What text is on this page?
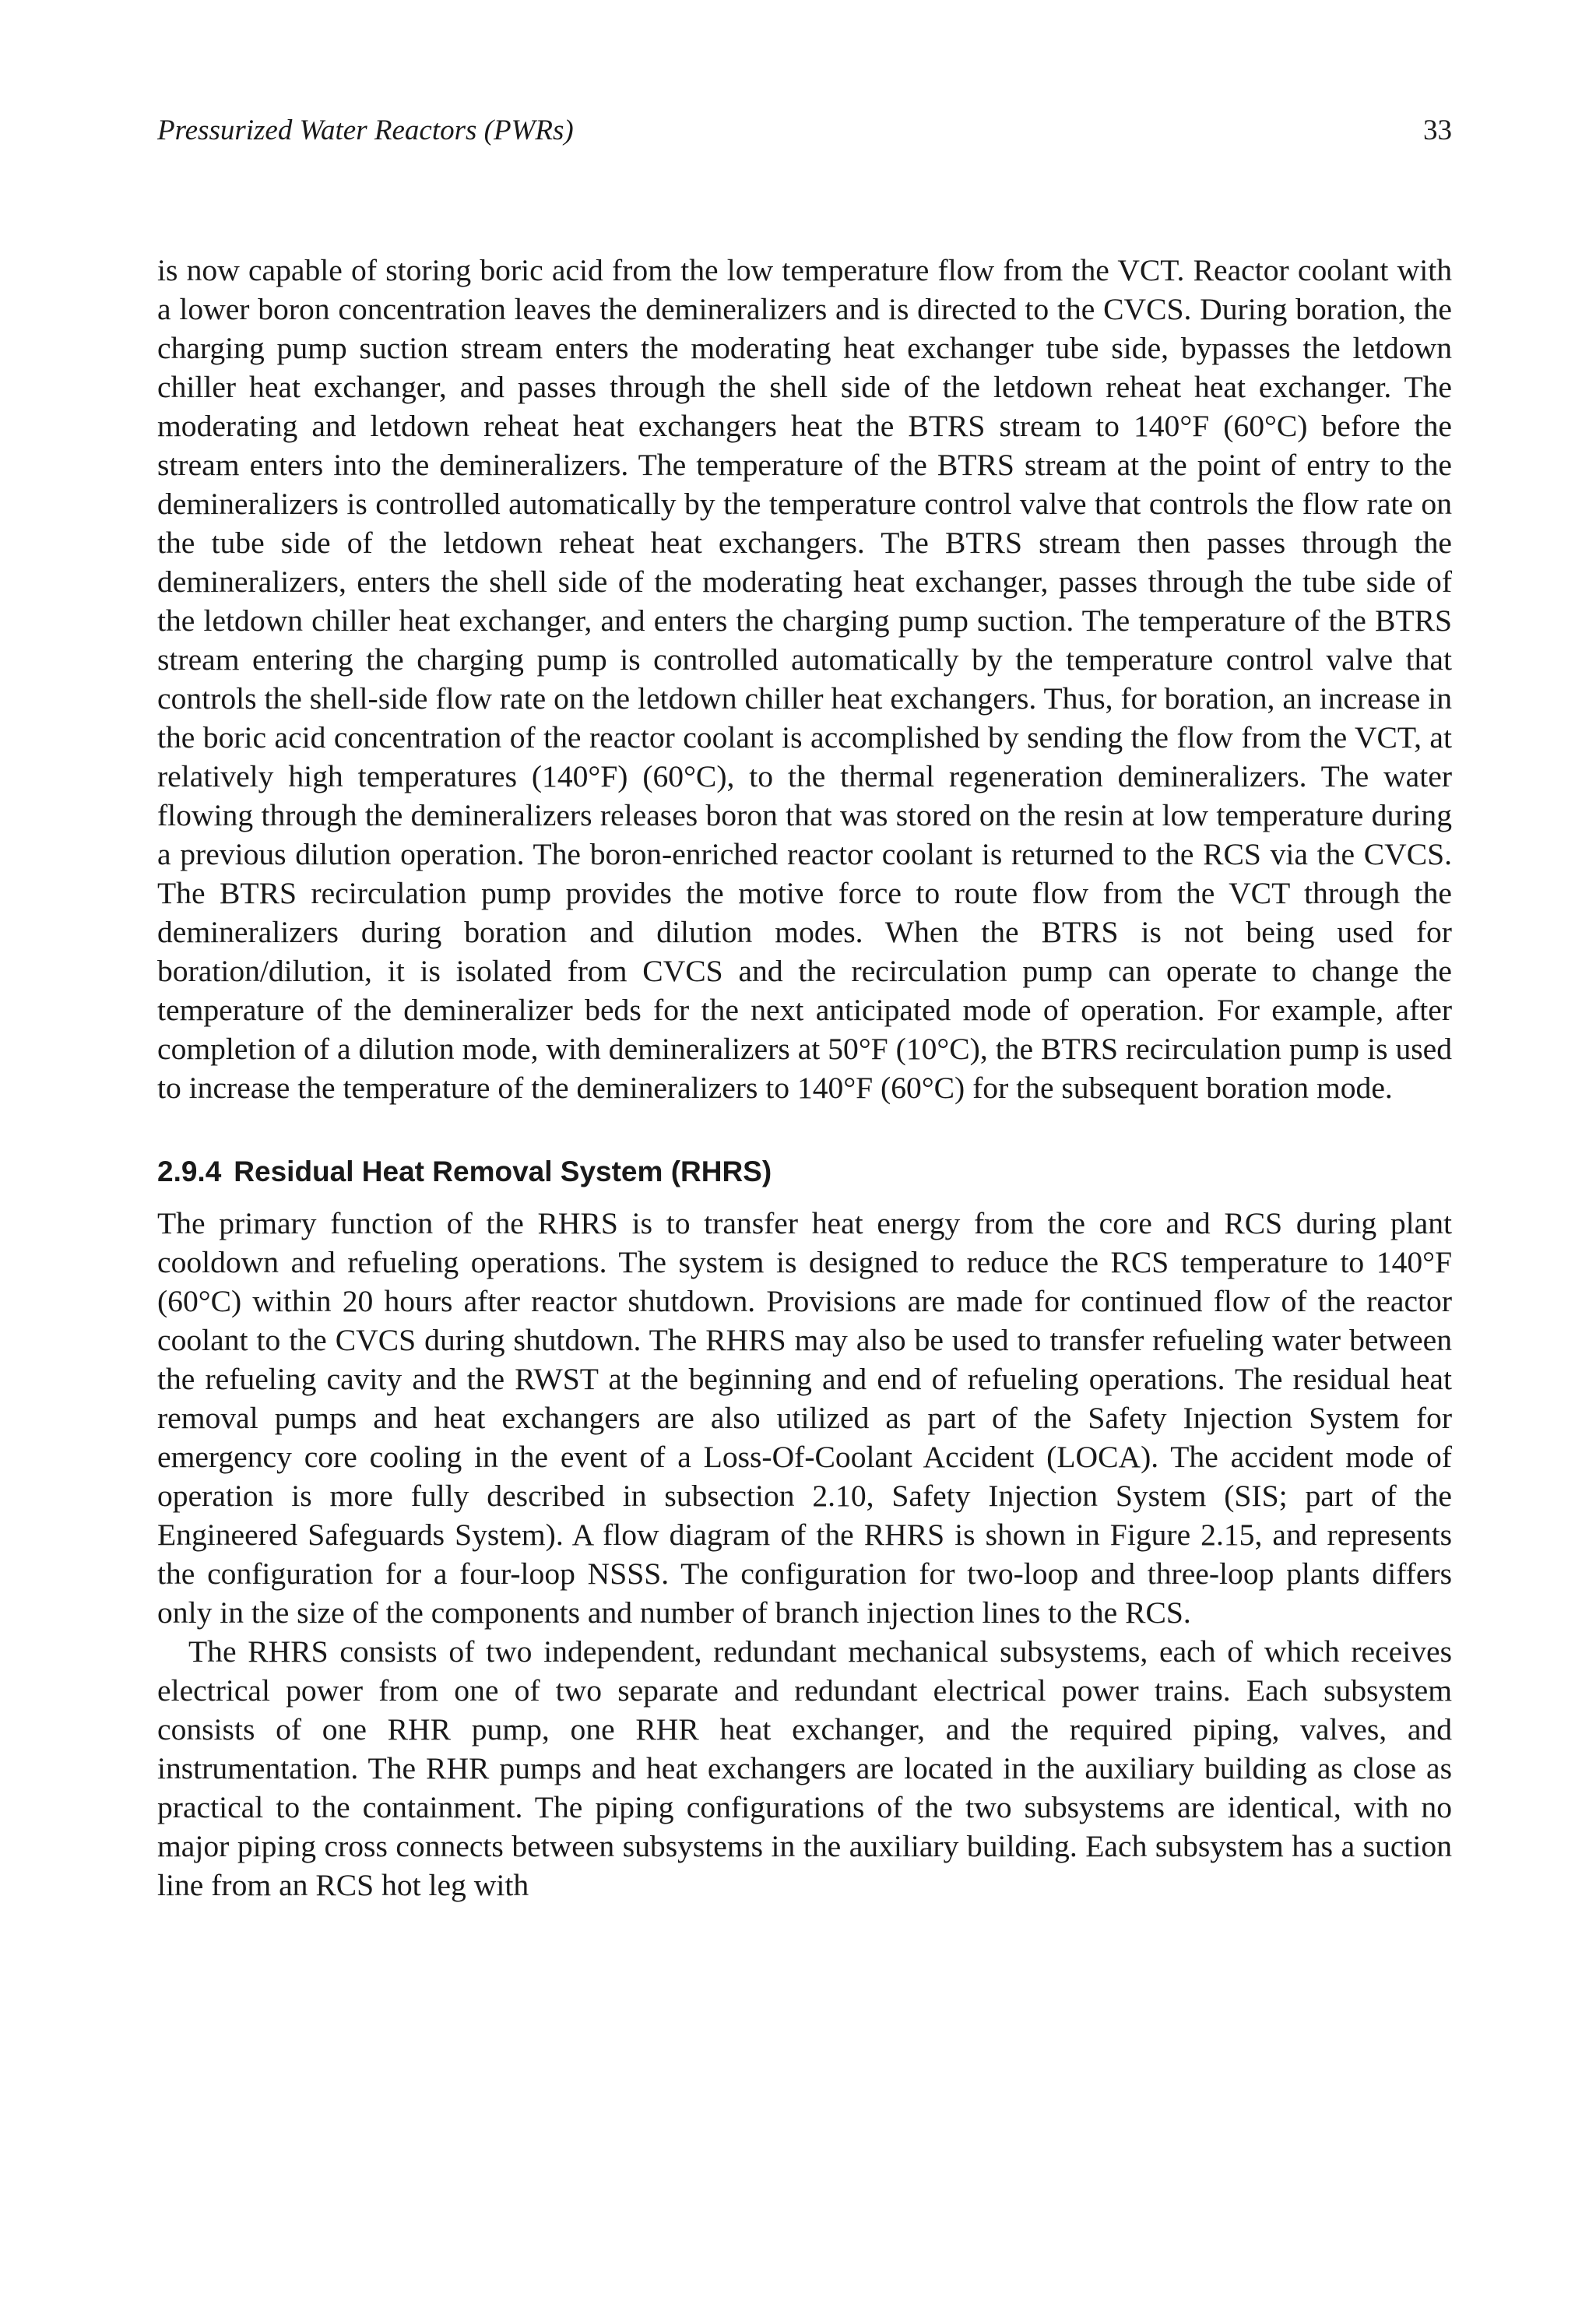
Pressurized Water Reactors (PWRs)	33

is now capable of storing boric acid from the low temperature flow from the VCT. Reactor coolant with a lower boron concentration leaves the demineralizers and is directed to the CVCS. During boration, the charging pump suction stream enters the moderating heat exchanger tube side, bypasses the letdown chiller heat exchanger, and passes through the shell side of the letdown reheat heat exchanger. The moderating and letdown reheat heat exchangers heat the BTRS stream to 140°F (60°C) before the stream enters into the demineralizers. The temperature of the BTRS stream at the point of entry to the demineralizers is controlled automatically by the temperature control valve that controls the flow rate on the tube side of the letdown reheat heat exchangers. The BTRS stream then passes through the demineralizers, enters the shell side of the moderating heat exchanger, passes through the tube side of the letdown chiller heat exchanger, and enters the charging pump suction. The temperature of the BTRS stream entering the charging pump is controlled automatically by the temperature control valve that controls the shell-side flow rate on the letdown chiller heat exchangers. Thus, for boration, an increase in the boric acid concentration of the reactor coolant is accomplished by sending the flow from the VCT, at relatively high temperatures (140°F) (60°C), to the thermal regeneration demineralizers. The water flowing through the demineralizers releases boron that was stored on the resin at low temperature during a previous dilution operation. The boron-enriched reactor coolant is returned to the RCS via the CVCS. The BTRS recirculation pump provides the motive force to route flow from the VCT through the demineralizers during boration and dilution modes. When the BTRS is not being used for boration/dilution, it is isolated from CVCS and the recirculation pump can operate to change the temperature of the demineralizer beds for the next anticipated mode of operation. For example, after completion of a dilution mode, with demineralizers at 50°F (10°C), the BTRS recirculation pump is used to increase the temperature of the demineralizers to 140°F (60°C) for the subsequent boration mode.

2.9.4 Residual Heat Removal System (RHRS)

The primary function of the RHRS is to transfer heat energy from the core and RCS during plant cooldown and refueling operations. The system is designed to reduce the RCS temperature to 140°F (60°C) within 20 hours after reactor shutdown. Provisions are made for continued flow of the reactor coolant to the CVCS during shutdown. The RHRS may also be used to transfer refueling water between the refueling cavity and the RWST at the beginning and end of refueling operations. The residual heat removal pumps and heat exchangers are also utilized as part of the Safety Injection System for emergency core cooling in the event of a Loss-Of-Coolant Accident (LOCA). The accident mode of operation is more fully described in subsection 2.10, Safety Injection System (SIS; part of the Engineered Safeguards System). A flow diagram of the RHRS is shown in Figure 2.15, and represents the configuration for a four-loop NSSS. The configuration for two-loop and three-loop plants differs only in the size of the components and number of branch injection lines to the RCS.

The RHRS consists of two independent, redundant mechanical subsystems, each of which receives electrical power from one of two separate and redundant electrical power trains. Each subsystem consists of one RHR pump, one RHR heat exchanger, and the required piping, valves, and instrumentation. The RHR pumps and heat exchangers are located in the auxiliary building as close as practical to the containment. The piping configurations of the two subsystems are identical, with no major piping cross connects between subsystems in the auxiliary building. Each subsystem has a suction line from an RCS hot leg with
